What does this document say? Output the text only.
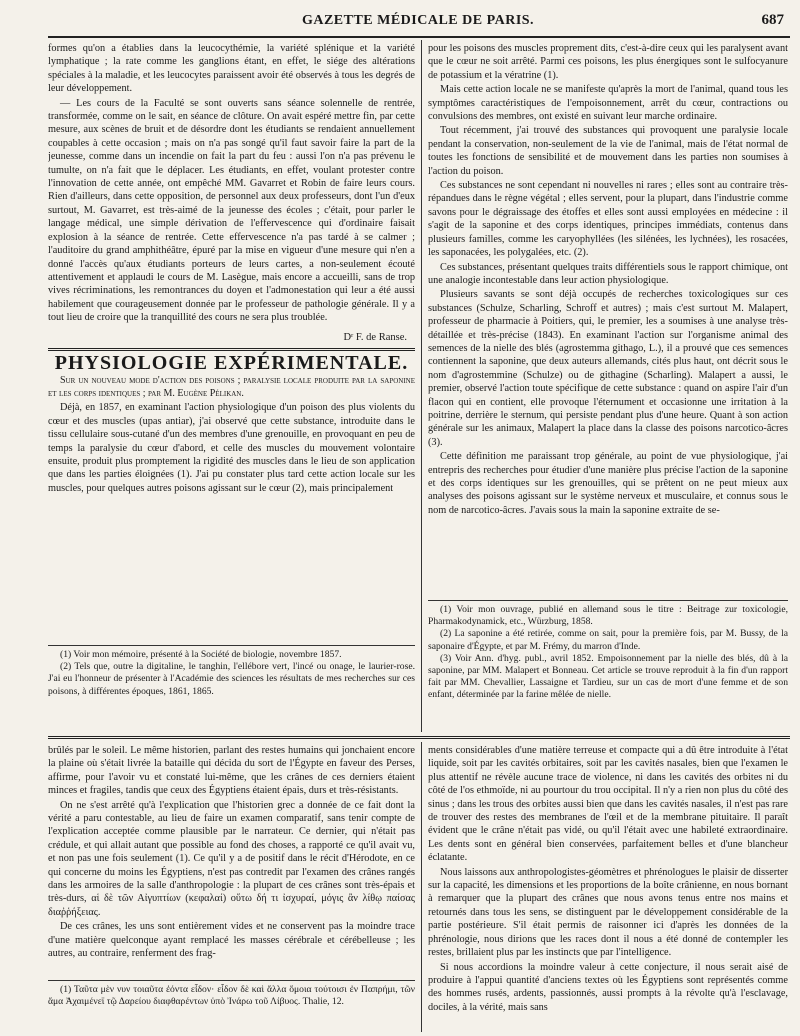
GAZETTE MÉDICALE DE PARIS.	687

formes qu'on a établies dans la leucocythémie, la variété splénique et la variété lymphatique ; la rate comme les ganglions étant, en effet, le siége des altérations spéciales à la maladie, et les leucocytes paraissent avoir été observés à tous les degrés de leur développement.

— Les cours de la Faculté se sont ouverts sans séance solennelle de rentrée, transformée, comme on le sait, en séance de clôture. On avait espéré mettre fin, par cette mesure, aux scènes de bruit et de désordre dont les étudiants se rendaient annuellement coupables à cette occasion ; mais on n'a pas songé qu'il faut savoir faire la part de la jeunesse, comme dans un incendie on fait la part du feu : aussi l'on n'a pas prévenu le tumulte, on n'a fait que le déplacer. Les étudiants, en effet, voulant protester contre l'innovation de cette année, ont empêché MM. Gavarret et Robin de faire leurs cours. Rien d'ailleurs, dans cette opposition, de personnel aux deux professeurs, dont l'un d'eux surtout, M. Gavarret, est très-aimé de la jeunesse des écoles ; c'était, pour parler le langage médical, une simple dérivation de l'effervescence qui d'ordinaire faisait explosion à la séance de rentrée. Cette effervescence n'a pas tardé à se calmer ; l'auditoire du grand amphithéâtre, épuré par la mise en vigueur d'une mesure qui n'en a donné l'accès qu'aux étudiants porteurs de leurs cartes, a non-seulement écouté attentivement et applaudi le cours de M. Lasègue, mais encore a accueilli, sans de trop vives récriminations, les remontrances du doyen et l'admonestation qui leur a été aussi habilement que courageusement donnée par le professeur de pathologie générale. Il y a tout lieu de croire que la tranquillité des cours ne sera plus troublée.

Dʳ F. de Ranse.
PHYSIOLOGIE EXPÉRIMENTALE.

Sur un nouveau mode d'action des poisons ; paralysie locale produite par la saponine et les corps identiques ; par M. Eugène Pélikan.

Déjà, en 1857, en examinant l'action physiologique d'un poison des plus violents du cœur et des muscles (upas antiar), j'ai observé que cette substance, introduite dans le tissu cellulaire sous-cutané d'un des membres d'une grenouille, en provoquant en peu de temps la paralysie du cœur d'abord, et celle des muscles du mouvement volontaire ensuite, produit plus promptement la rigidité des muscles dans le lieu de son application que dans les parties éloignées (1). J'ai pu constater plus tard cette action locale sur les muscles, pour quelques autres poisons agissant sur le cœur (2), mais principalement

(1) Voir mon mémoire, présenté à la Société de biologie, novembre 1857.

(2) Tels que, outre la digitaline, le tanghin, l'ellébore vert, l'incé ou onage, le laurier-rose. J'ai eu l'honneur de présenter à l'Académie des sciences les résultats de mes recherches sur ces poisons, à différentes époques, 1861, 1865.

pour les poisons des muscles proprement dits, c'est-à-dire ceux qui les paralysent avant que le cœur ne soit arrêté. Parmi ces poisons, les plus énergiques sont le sulfocyanure de potassium et la vératrine (1).

Mais cette action locale ne se manifeste qu'après la mort de l'animal, quand tous les symptômes caractéristiques de l'empoisonnement, arrêt du cœur, contractions ou convulsions des membres, ont existé en suivant leur marche ordinaire.

Tout récemment, j'ai trouvé des substances qui provoquent une paralysie locale pendant la conservation, non-seulement de la vie de l'animal, mais de l'état normal de toutes les fonctions de sensibilité et de mouvement dans les parties non soumises à l'action du poison.

Ces substances ne sont cependant ni nouvelles ni rares ; elles sont au contraire très-répandues dans le règne végétal ; elles servent, pour la plupart, dans l'industrie comme savons pour le dégraissage des étoffes et elles sont aussi employées en médecine : il s'agit de la saponine et des corps identiques, principes immédiats, contenus dans plusieurs familles, comme les caryophyllées (les silénées, les lychnées), les rosacées, les saponacées, les polygalées, etc. (2).

Ces substances, présentant quelques traits différentiels sous le rapport chimique, ont une analogie incontestable dans leur action physiologique.

Plusieurs savants se sont déjà occupés de recherches toxicologiques sur ces substances (Schulze, Scharling, Schroff et autres) ; mais c'est surtout M. Malapert, professeur de pharmacie à Poitiers, qui, le premier, les a soumises à une analyse très-détaillée et très-précise (1843). En examinant l'action sur l'organisme animal des semences de la nielle des blés (agrostemma githago, L.), il a prouvé que ces semences contiennent la saponine, que deux auteurs allemands, cités plus haut, ont décrit sous le nom d'agrostemmine (Schulze) ou de githagine (Scharling). Malapert a aussi, le premier, observé l'action toute spécifique de cette substance : quand on aspire l'air d'un flacon qui en contient, elle provoque l'éternument et occasionne une irritation à la poitrine, derrière le sternum, qui persiste pendant plus d'une heure. Quant à son action générale sur les animaux, Malapert la place dans la classe des poisons narcotico-âcres (3).

Cette définition me paraissant trop générale, au point de vue physiologique, j'ai entrepris des recherches pour étudier d'une manière plus précise l'action de la saponine et des corps identiques sur les grenouilles, qui se prêtent on ne peut mieux aux analyses des poisons agissant sur le système nerveux et musculaire, et connus sous le nom de narcotico-âcres. J'avais sous la main la saponine extraite de se-

(1) Voir mon ouvrage, publié en allemand sous le titre : Beitrage zur toxicologie, Pharmakodynamick, etc., Würzburg, 1858.

(2) La saponine a été retirée, comme on sait, pour la première fois, par M. Bussy, de la saponaire d'Égypte, et par M. Frémy, du marron d'Inde.

(3) Voir Ann. d'hyg. publ., avril 1852. Empoisonnement par la nielle des blés, dû à la saponine, par MM. Malapert et Bonneau. Cet article se trouve reproduit à la fin d'un rapport fait par MM. Chevallier, Lassaigne et Tardieu, sur un cas de mort d'une femme et de son enfant, déterminée par la farine mêlée de nielle.

brûlés par le soleil. Le même historien, parlant des restes humains qui jonchaient encore la plaine où s'était livrée la bataille qui décida du sort de l'Égypte en faveur des Perses, affirme, pour l'avoir vu et constaté lui-même, que les crânes de ces derniers étaient minces et fragiles, tandis que ceux des Égyptiens étaient épais, durs et très-résistants.

On ne s'est arrêté qu'à l'explication que l'historien grec a donnée de ce fait dont la vérité a paru contestable, au lieu de faire un examen comparatif, sans tenir compte de l'explication acceptée comme plausible par le narrateur. Ce dernier, qui n'était pas crédule, et qui allait autant que possible au fond des choses, a rapporté ce qu'il avait vu, et non pas une fois seulement (1). Ce qu'il y a de positif dans le récit d'Hérodote, en ce qui concerne du moins les Égyptiens, n'est pas contredit par l'examen des crânes rangés dans les armoires de la salle d'anthropologie : la plupart de ces crânes sont très-épais et très-durs, αἱ δὲ τῶν Αἰγυπτίων (κεφαλαί) οὕτω δή τι ἰσχυραί, μόγις ἂν λίθῳ παίσας διαῤῥήξειας.

De ces crânes, les uns sont entièrement vides et ne conservent pas la moindre trace d'une matière quelconque ayant remplacé les masses cérébrale et cérébelleuse ; les autres, au contraire, renferment des frag-

(1) Ταῦτα μὲν νυν τοιαῦτα ἐόντα εἶδον· εἶδον δὲ καὶ ἄλλα ὅμοια τούτοισι ἐν Παπρήμι, τῶν ἅμα Ἀχαιμένεϊ τῷ Δαρείου διαφθαρέντων ὑπὸ Ἰνάρω τοῦ Λίβυος. Thalie, 12.

ments considérables d'une matière terreuse et compacte qui a dû être introduite à l'état liquide, soit par les cavités orbitaires, soit par les cavités nasales, bien que l'examen le plus attentif ne révèle aucune trace de violence, ni dans les cavités des orbites ni du côté de l'os ethmoïde, ni au pourtour du trou occipital. Il n'y a rien non plus du côté des sinus ; dans les trous des orbites aussi bien que dans les cavités nasales, il n'est pas rare de trouver des restes des membranes de l'œil et de la membrane pituitaire. Il paraît évident que le crâne n'était pas vidé, ou qu'il l'était avec une habileté extraordinaire. Les dents sont en général bien conservées, parfaitement belles et d'une blancheur éclatante.

Nous laissons aux anthropologistes-géomètres et phrénologues le plaisir de disserter sur la capacité, les dimensions et les proportions de la boîte crânienne, en nous bornant à remarquer que la plupart des crânes que nous avons tenus entre nos mains et retournés dans tous les sens, se distinguent par le développement considérable de la partie postérieure. S'il était permis de raisonner ici d'après les données de la phrénologie, nous dirions que les races dont il nous a été donné de contempler les restes, brillaient plus par les instincts que par l'intelligence.

Si nous accordions la moindre valeur à cette conjecture, il nous serait aisé de produire à l'appui quantité d'anciens textes où les Égyptiens sont représentés comme des hommes rusés, ardents, passionnés, aussi prompts à la révolte qu'à l'esclavage, dociles, à la vérité, mais sans
